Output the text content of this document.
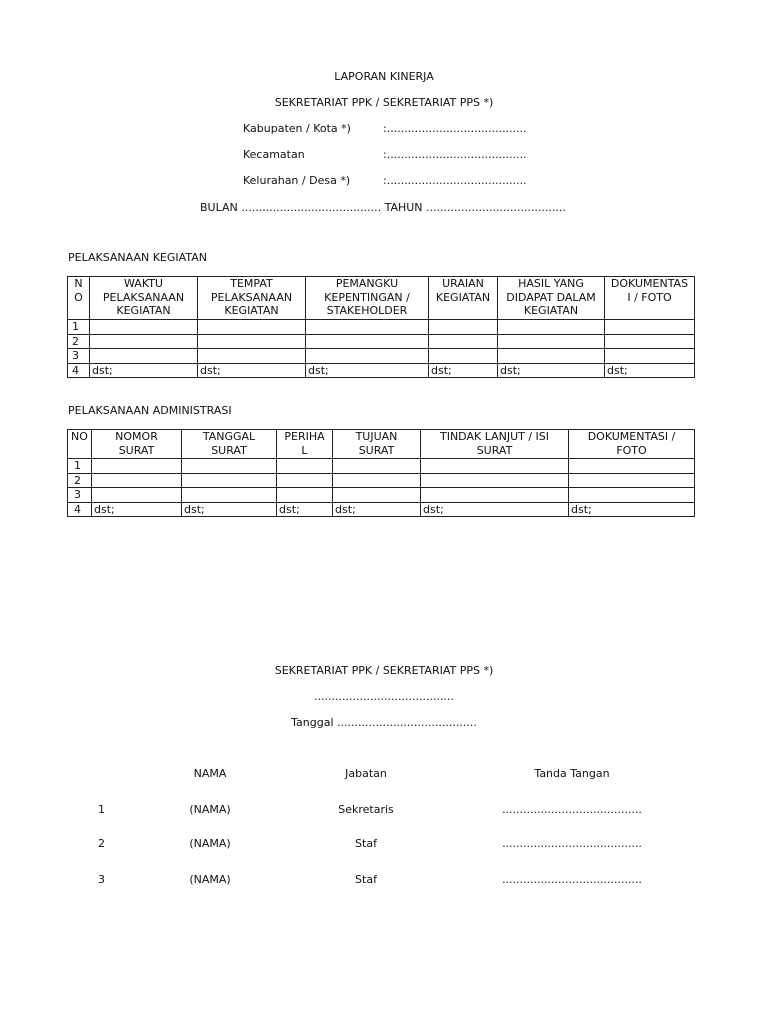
LAPORAN KINERJA
SEKRETARIAT PPK / SEKRETARIAT PPS *)
Kabupaten / Kota *)	:........................................
Kecamatan	:........................................
Kelurahan / Desa *)	:........................................
BULAN ........................................ TAHUN ........................................
PELAKSANAAN KEGIATAN
N
O	WAKTU
PELAKSANAAN
KEGIATAN	TEMPAT
PELAKSANAAN
KEGIATAN	PEMANGKU
KEPENTINGAN /
STAKEHOLDER	URAIAN
KEGIATAN	HASIL YANG
DIDAPAT DALAM
KEGIATAN	DOKUMENTAS
I / FOTO
1						
2						
3						
4	dst;	dst;	dst;	dst;	dst;	dst;
PELAKSANAAN ADMINISTRASI
NO	NOMOR
SURAT	TANGGAL
SURAT	PERIHA
L	TUJUAN
SURAT	TINDAK LANJUT / ISI
SURAT	DOKUMENTASI /
FOTO
1						
2						
3						
4	dst;	dst;	dst;	dst;	dst;	dst;
SEKRETARIAT PPK / SEKRETARIAT PPS *)
........................................
Tanggal ........................................
NAMA	Jabatan	Tanda Tangan
1	(NAMA)	Sekretaris	........................................
2	(NAMA)	Staf	........................................
3	(NAMA)	Staf	........................................
